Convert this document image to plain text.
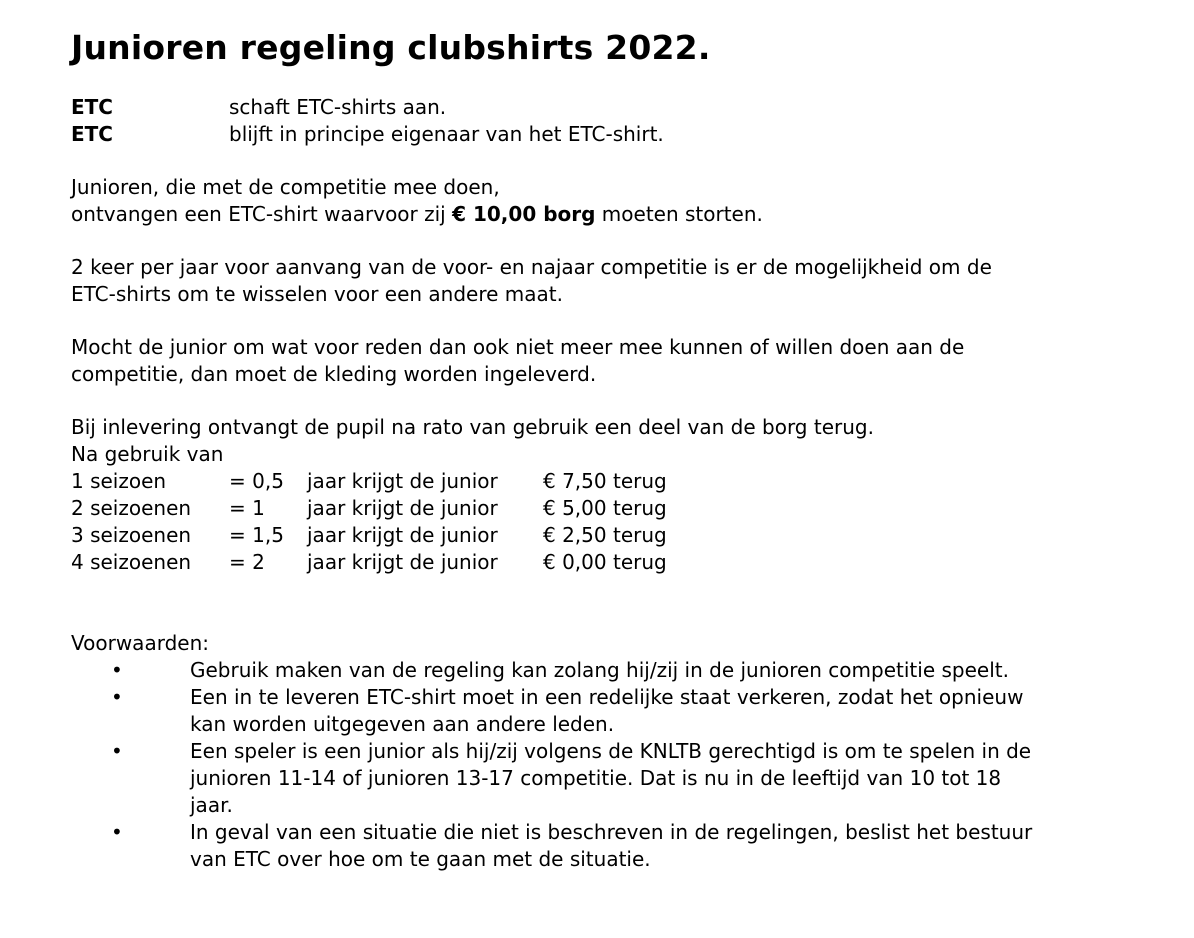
Junioren regeling clubshirts 2022.
ETC	schaft ETC-shirts aan.
ETC	blijft in principe eigenaar van het ETC-shirt.
Junioren, die met de competitie mee doen,
ontvangen een ETC-shirt waarvoor zij € 10,00 borg moeten storten.
2 keer per jaar voor aanvang van de voor- en najaar competitie is er de mogelijkheid om de
ETC-shirts om te wisselen voor een andere maat.
Mocht de junior om wat voor reden dan ook niet meer mee kunnen of willen doen aan de
competitie, dan moet de kleding worden ingeleverd.
Bij inlevering ontvangt de pupil na rato van gebruik een deel van de borg terug.
Na gebruik van
1 seizoen	= 0,5	jaar krijgt de junior	€ 7,50 terug
2 seizoenen	= 1	jaar krijgt de junior	€ 5,00 terug
3 seizoenen	= 1,5	jaar krijgt de junior	€ 2,50 terug
4 seizoenen	= 2	jaar krijgt de junior	€ 0,00 terug
Voorwaarden:
•	Gebruik maken van de regeling kan zolang hij/zij in de junioren competitie speelt.
•	Een in te leveren ETC-shirt moet in een redelijke staat verkeren, zodat het opnieuw
kan worden uitgegeven aan andere leden.
•	Een speler is een junior als hij/zij volgens de KNLTB gerechtigd is om te spelen in de
junioren 11-14 of junioren 13-17 competitie. Dat is nu in de leeftijd van 10 tot 18
jaar.
•	In geval van een situatie die niet is beschreven in de regelingen, beslist het bestuur
van ETC over hoe om te gaan met de situatie.
